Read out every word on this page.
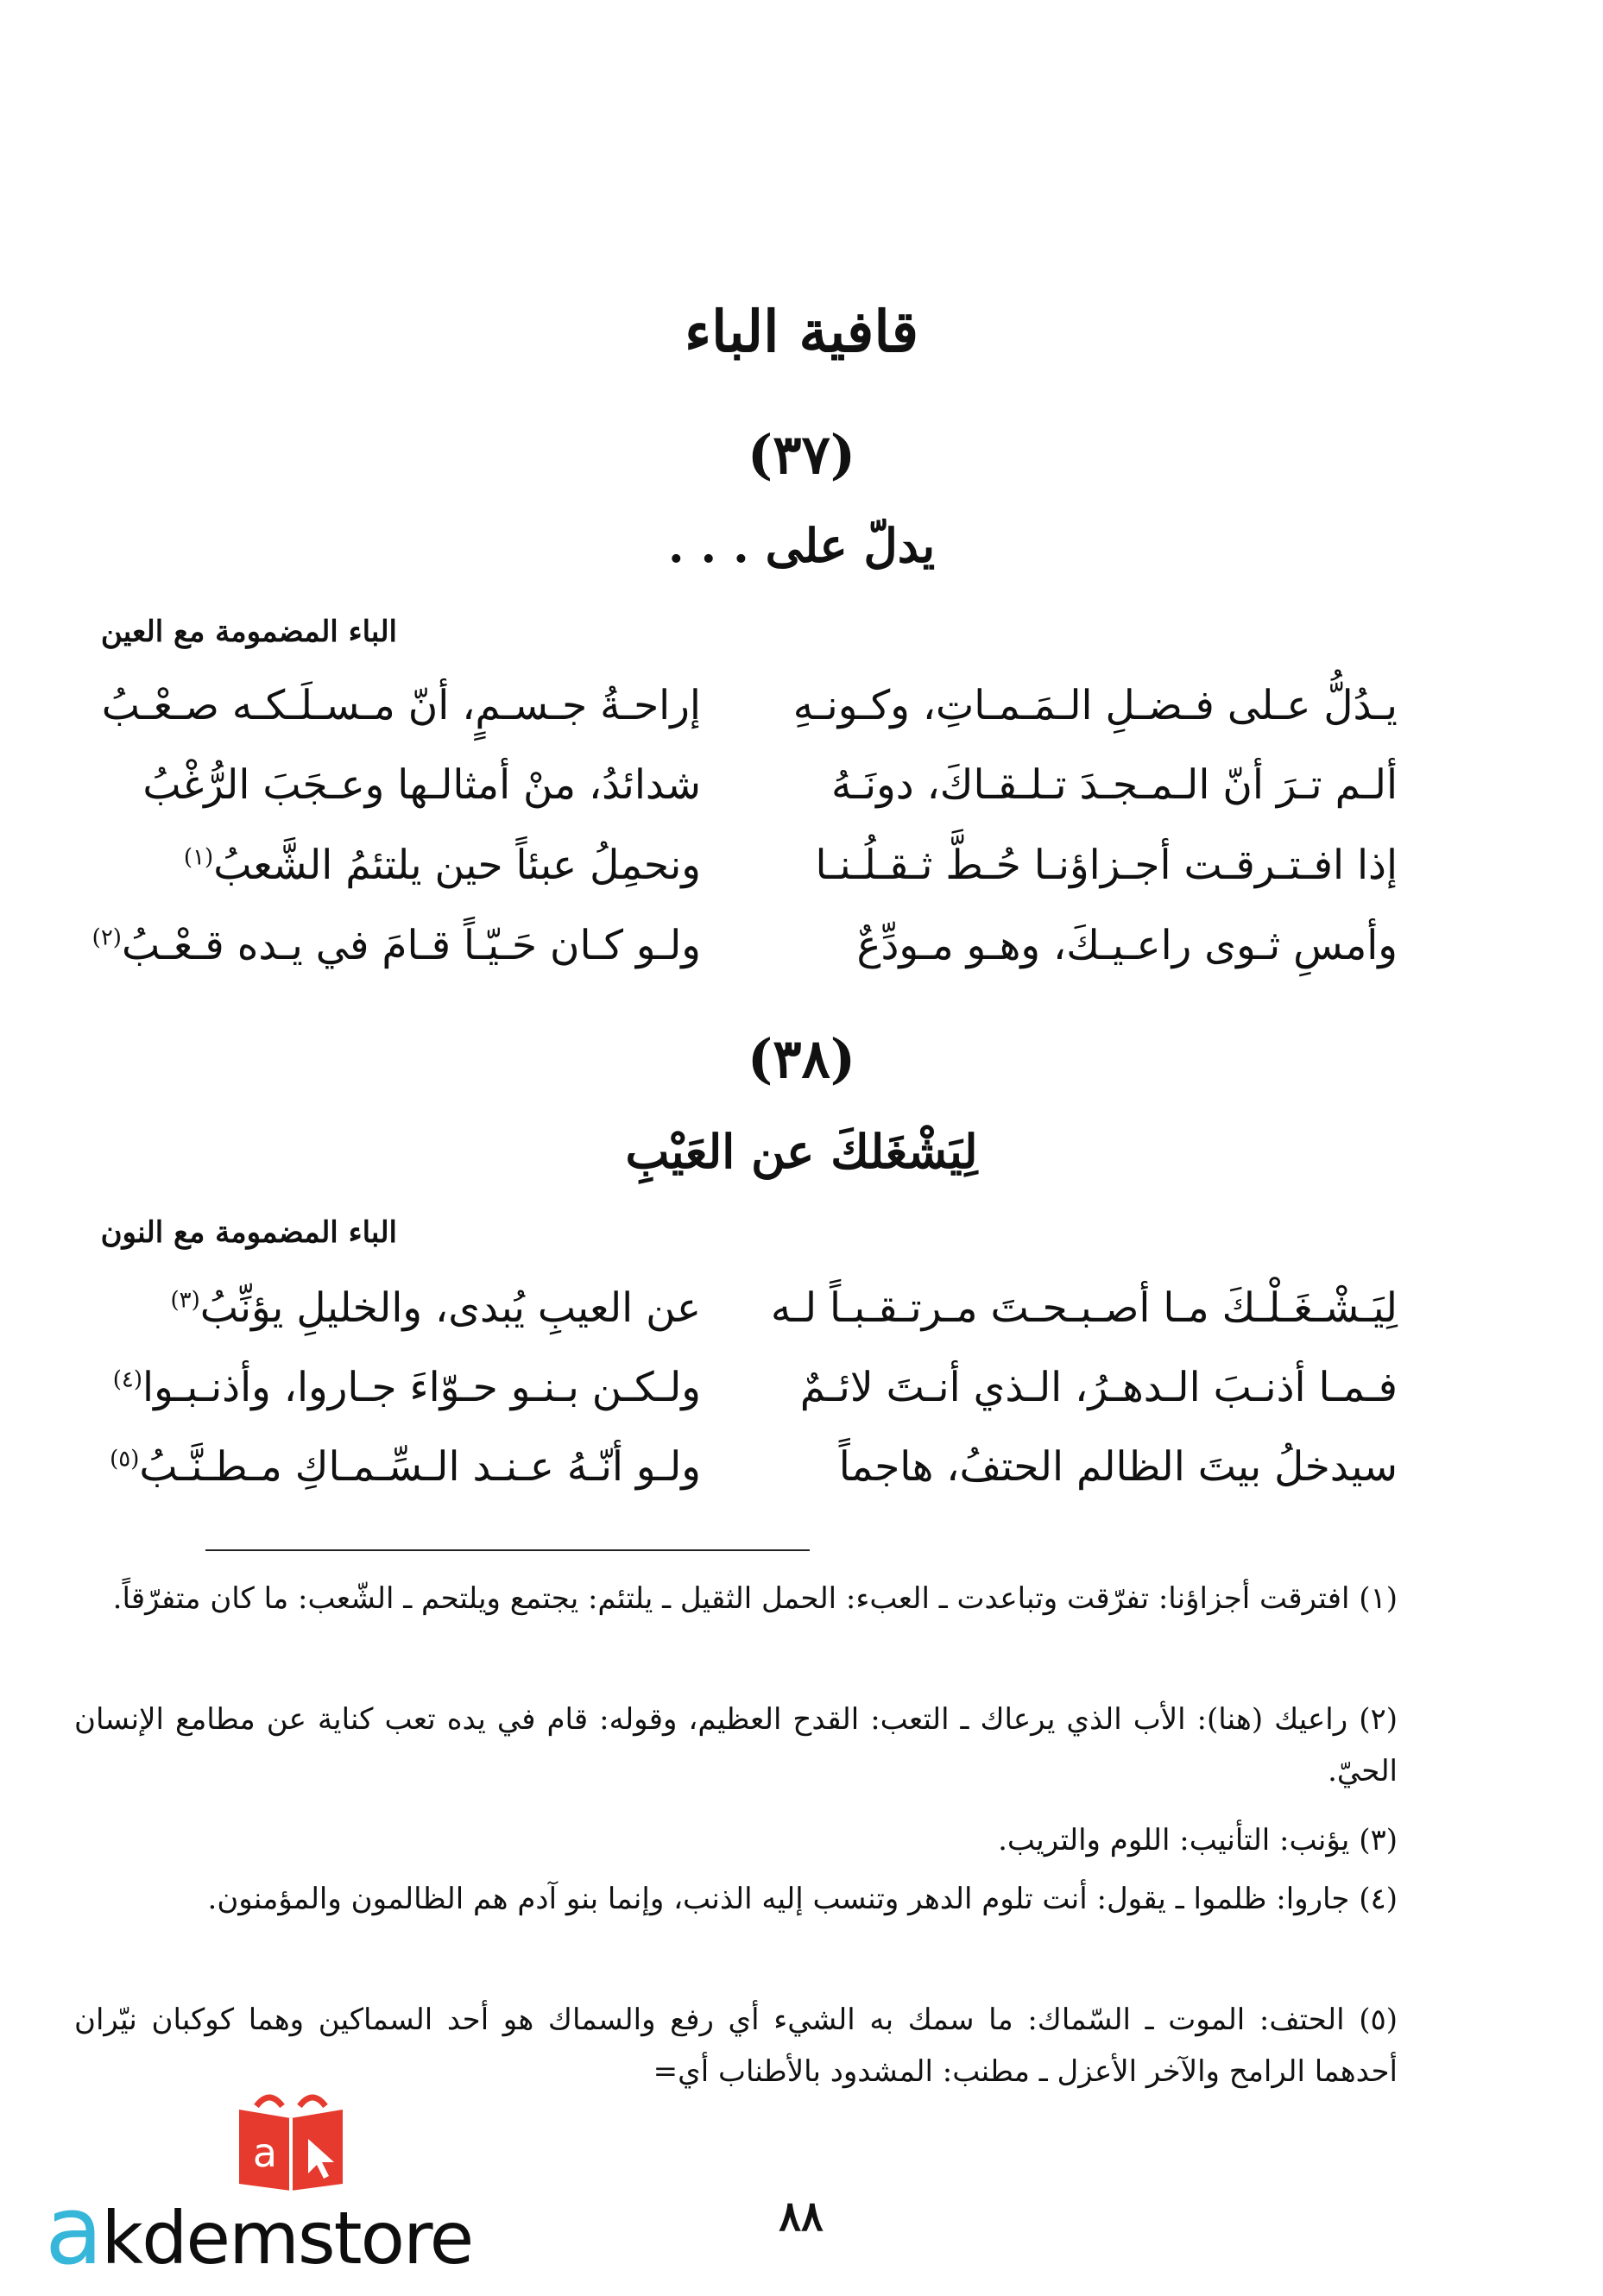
قافية الباء
(٣٧)
يدلّ على . . .
الباء المضمومة مع العين
يـدُلُّ عـلى فـضـلِ الـمَـمـاتِ، وكـونـهِ
إراحـةُ جـسـمٍ، أنّ مـسـلَـكـه صـعْـبُ
ألـم تـرَ أنّ الـمـجـدَ تـلـقـاكَ، دونَـهُ
شدائدُ، منْ أمثالـها وعـجَبَ الرُّغْبُ
إذا افـتـرقـت أجـزاؤنـا حُـطَّ ثـقـلُـنـا
ونحمِلُ عبئاً حين يلتئمُ الشَّعبُ$^{(١)}$
وأمسِ ثـوى راعـيـكَ، وهـو مـودِّعٌ
ولـو كـان حَـيّـاً قـامَ في يـده قـعْـبُ$^{(٢)}$
(٣٨)
لِيَشْغَلكَ عن العَيْبِ
الباء المضمومة مع النون
لِيَـشْـغَـلْـكَ مـا أصـبـحـتَ مـرتـقـبـاً لـه
عن العيبِ يُبدى، والخليلِ يؤنِّبُ$^{(٣)}$
فـمـا أذنـبَ الـدهـرُ، الـذي أنـتَ لائـمٌ
ولـكـن بـنـو حـوّاءَ جـاروا، وأذنـبـوا$^{(٤)}$
سيدخلُ بيتَ الظالم الحتفُ، هاجماً
ولـو أنّـهُ عـنـد الـسِّـمـاكِ مـطـنَّـبُ$^{(٥)}$
(١) افترقت أجزاؤنا: تفرّقت وتباعدت ـ العبء: الحمل الثقيل ـ يلتئم: يجتمع ويلتحم ـ الشّعب: ما كان متفرّقاً.
(٢) راعيك (هنا): الأب الذي يرعاك ـ التعب: القدح العظيم، وقوله: قام في يده تعب كناية عن مطامع الإنسان الحيّ.
(٣) يؤنب: التأنيب: اللوم والتريب.
(٤) جاروا: ظلموا ـ يقول: أنت تلوم الدهر وتنسب إليه الذنب، وإنما بنو آدم هم الظالمون والمؤمنون.
(٥) الحتف: الموت ـ السّماك: ما سمك به الشيء أي رفع والسماك هو أحد السماكين وهما كوكبان نيّران أحدهما الرامح والآخر الأعزل ـ مطنب: المشدود بالأطناب أي=
٨٨
a
akdemstore
